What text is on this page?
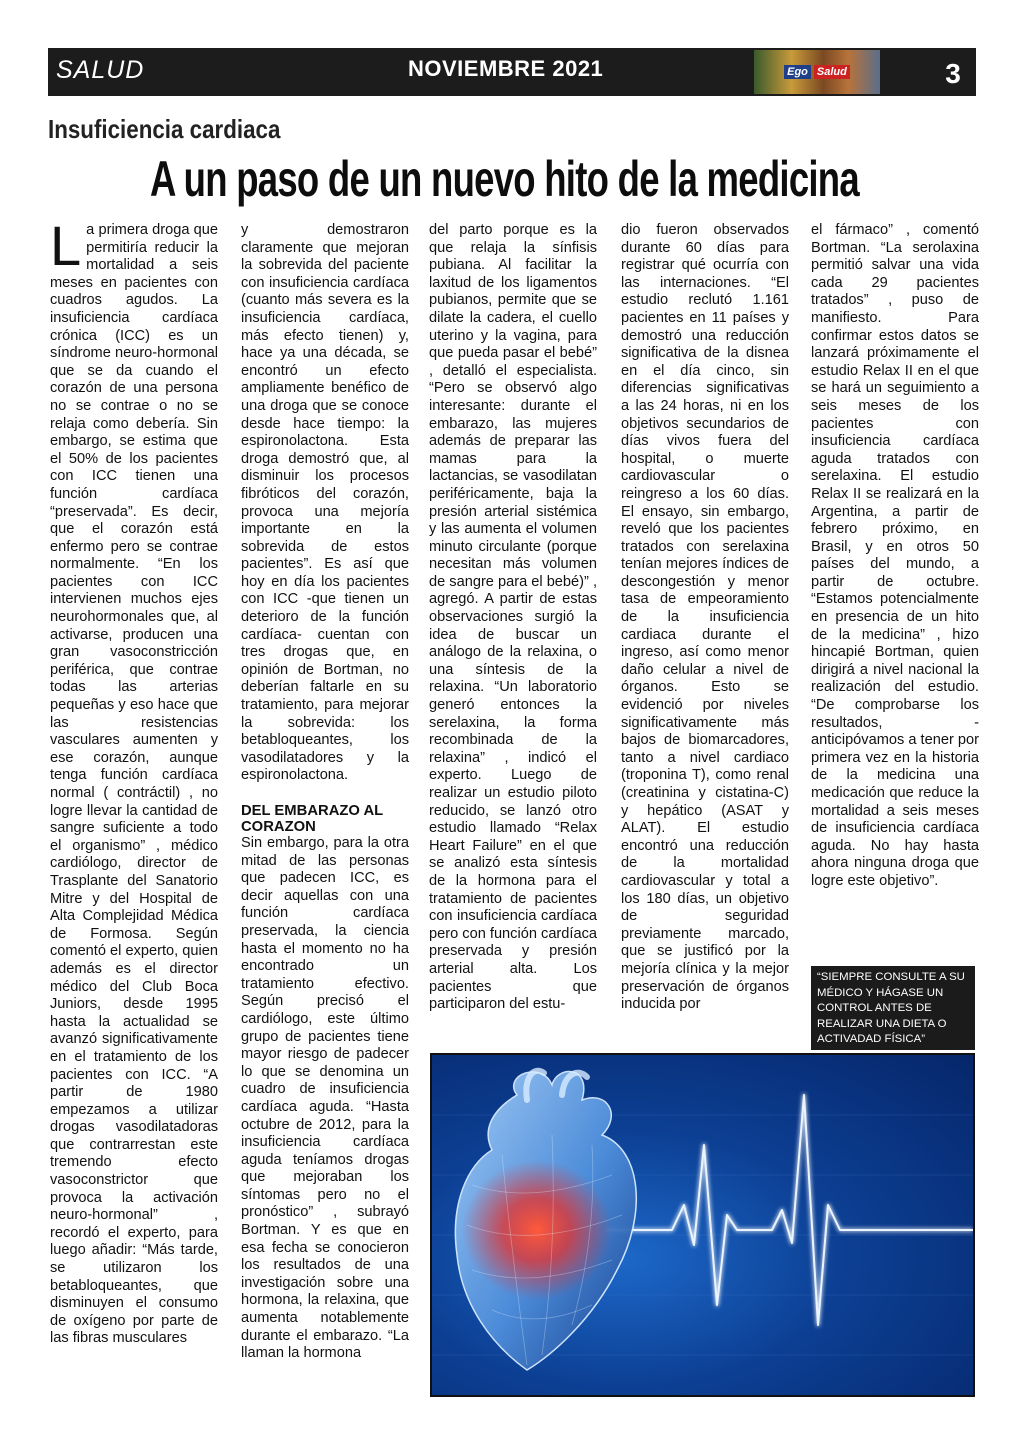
SALUD	NOVIEMBRE 2021	Ego Salud	3
Insuficiencia cardiaca
A un paso de un nuevo hito de la medicina
L a primera droga que permitiría reducir la mortalidad a seis meses en pacientes con cuadros agudos. La insuficiencia cardíaca crónica (ICC) es un síndrome neuro-hormonal que se da cuando el corazón de una persona no se contrae o no se relaja como debería. Sin embargo, se estima que el 50% de los pacientes con ICC tienen una función cardíaca “preservada”. Es decir, que el corazón está enfermo pero se contrae normalmente. “En los pacientes con ICC intervienen muchos ejes neurohormonales que, al activarse, producen una gran vasoconstricción periférica, que contrae todas las arterias pequeñas y eso hace que las resistencias vasculares aumenten y ese corazón, aunque tenga función cardíaca normal ( contráctil) , no logre llevar la cantidad de sangre suficiente a todo el organismo” , médico cardiólogo, director de Trasplante del Sanatorio Mitre y del Hospital de Alta Complejidad Médica de Formosa. Según comentó el experto, quien además es el director médico del Club Boca Juniors, desde 1995 hasta la actualidad se avanzó significativamente en el tratamiento de los pacientes con ICC. “A partir de 1980 empezamos a utilizar drogas vasodilatadoras que contrarrestan este tremendo efecto vasoconstrictor que provoca la activación neuro-hormonal” , recordó el experto, para luego añadir: “Más tarde, se utilizaron los betabloqueantes, que disminuyen el consumo de oxígeno por parte de las fibras musculares

y demostraron claramente que mejoran la sobrevida del paciente con insuficiencia cardíaca (cuanto más severa es la insuficiencia cardíaca, más efecto tienen) y, hace ya una década, se encontró un efecto ampliamente benéfico de una droga que se conoce desde hace tiempo: la espironolactona. Esta droga demostró que, al disminuir los procesos fibróticos del corazón, provoca una mejoría importante en la sobrevida de estos pacientes”. Es así que hoy en día los pacientes con ICC -que tienen un deterioro de la función cardíaca- cuentan con tres drogas que, en opinión de Bortman, no deberían faltarle en su tratamiento, para mejorar la sobrevida: los betabloqueantes, los vasodilatadores y la espironolactona.

DEL EMBARAZO AL CORAZON

Sin embargo, para la otra mitad de las personas que padecen ICC, es decir aquellas con una función cardíaca preservada, la ciencia hasta el momento no ha encontrado un tratamiento efectivo. Según precisó el cardiólogo, este último grupo de pacientes tiene mayor riesgo de padecer lo que se denomina un cuadro de insuficiencia cardíaca aguda. “Hasta octubre de 2012, para la insuficiencia cardíaca aguda teníamos drogas que mejoraban los síntomas pero no el pronóstico” , subrayó Bortman. Y es que en esa fecha se conocieron los resultados de una investigación sobre una hormona, la relaxina, que aumenta notablemente durante el embarazo. “La llaman la hormona

del parto porque es la que relaja la sínfisis pubiana. Al facilitar la laxitud de los ligamentos pubianos, permite que se dilate la cadera, el cuello uterino y la vagina, para que pueda pasar el bebé” , detalló el especialista. “Pero se observó algo interesante: durante el embarazo, las mujeres además de preparar las mamas para la lactancias, se vasodilatan periféricamente, baja la presión arterial sistémica y las aumenta el volumen minuto circulante (porque necesitan más volumen de sangre para el bebé)” , agregó. A partir de estas observaciones surgió la idea de buscar un análogo de la relaxina, o una síntesis de la relaxina. “Un laboratorio generó entonces la serelaxina, la forma recombinada de la relaxina” , indicó el experto. Luego de realizar un estudio piloto reducido, se lanzó otro estudio llamado “Relax Heart Failure” en el que se analizó esta síntesis de la hormona para el tratamiento de pacientes con insuficiencia cardíaca pero con función cardíaca preservada y presión arterial alta. Los pacientes que participaron del estu-

dio fueron observados durante 60 días para registrar qué ocurría con las internaciones. “El estudio reclutó 1.161 pacientes en 11 países y demostró una reducción significativa de la disnea en el día cinco, sin diferencias significativas a las 24 horas, ni en los objetivos secundarios de días vivos fuera del hospital, o muerte cardiovascular o reingreso a los 60 días. El ensayo, sin embargo, reveló que los pacientes tratados con serelaxina tenían mejores índices de descongestión y menor tasa de empeoramiento de la insuficiencia cardiaca durante el ingreso, así como menor daño celular a nivel de órganos. Esto se evidenció por niveles significativamente más bajos de biomarcadores, tanto a nivel cardiaco (troponina T), como renal (creatinina y cistatina-C) y hepático (ASAT y ALAT). El estudio encontró una reducción de la mortalidad cardiovascular y total a los 180 días, un objetivo de seguridad previamente marcado, que se justificó por la mejoría clínica y la mejor preservación de órganos inducida por

el fármaco” , comentó Bortman. “La serolaxina permitió salvar una vida cada 29 pacientes tratados” , puso de manifiesto. Para confirmar estos datos se lanzará próximamente el estudio Relax II en el que se hará un seguimiento a seis meses de los pacientes con insuficiencia cardíaca aguda tratados con serelaxina. El estudio Relax II se realizará en la Argentina, a partir de febrero próximo, en Brasil, y en otros 50 países del mundo, a partir de octubre. “Estamos potencialmente en presencia de un hito de la medicina” , hizo hincapié Bortman, quien dirigirá a nivel nacional la realización del estudio. “De comprobarse los resultados, -anticipóvamos a tener por primera vez en la historia de la medicina una medicación que reduce la mortalidad a seis meses de insuficiencia cardíaca aguda. No hay hasta ahora ninguna droga que logre este objetivo”.

“SIEMPRE CONSULTE A SU MÉDICO Y HÁGASE UN CONTROL ANTES DE REALIZAR UNA DIETA O ACTIVADAD FÍSICA”
